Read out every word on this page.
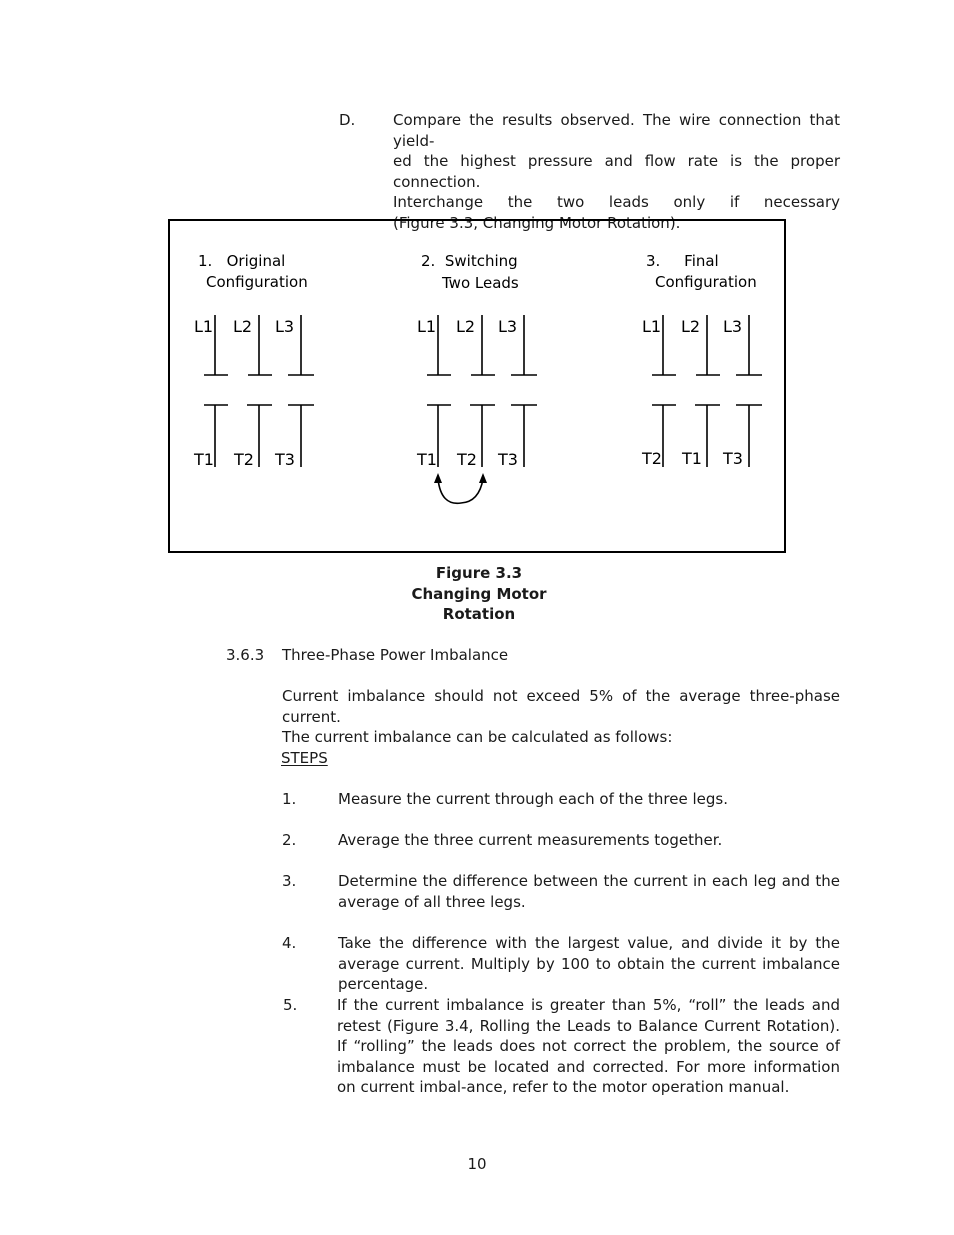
D.	Compare the results observed. The wire connection that yield-
ed the highest pressure and flow rate is the proper connection.
Interchange the two leads only if necessary
(Figure 3.3, Changing Motor Rotation).
1. Original
Configuration
2. Switching
Two Leads
3. Final
Configuration
L1 L2 L3
T1 T2 T3
L1 L2 L3
T1 T2 T3
L1 L2 L3
T2 T1 T3
Figure 3.3
Changing Motor
Rotation
3.6.3 Three-Phase Power Imbalance
Current imbalance should not exceed 5% of the average three-phase current.
The current imbalance can be calculated as follows:
STEPS
1.	Measure the current through each of the three legs.
2.	Average the three current measurements together.
3.	Determine the difference between the current in each leg and the average of all three legs.
4.	Take the difference with the largest value, and divide it by the average current. Multiply by 100 to obtain the current imbalance percentage.
5.	If the current imbalance is greater than 5%, “roll” the leads and retest (Figure 3.4, Rolling the Leads to Balance Current Rotation). If “rolling” the leads does not correct the problem, the source of imbalance must be located and corrected. For more information on current imbal-ance, refer to the motor operation manual.
10
